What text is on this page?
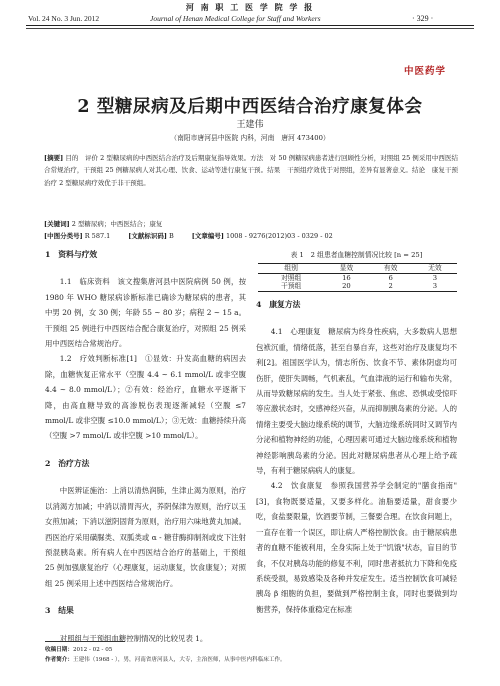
河 南 职 工 医 学 院 学 报
Vol. 24 No. 3 Jun. 2012	Journal of Henan Medical College for Staff and Workers	· 329 ·
中医药学
2 型糖尿病及后期中西医结合治疗康复体会
王建伟
（南阳市唐河县中医院 内科，河南　唐河 473400）

[摘要] 目的　评价 2 型糖尿病的中西医结合治疗及后期康复指导效果。方法　对 50 例糖尿病患者进行回顾性分析，对照组 25 例采用中西医结合常规治疗，干预组 25 例糖尿病人对其心理、饮食、运动等进行康复干预。结果　干预组疗效优于对照组，差异有显著意义。结论　康复干预治疗 2 型糖尿病疗效优于非干预组。

[关键词] 2 型糖尿病；中西医结合；康复
[中图分类号] R 587.1	[文献标识码] B	[文章编号] 1008 - 9276(2012)03 - 0329 - 02
1　资料与疗效

1.1　临床资料　该文搜集唐河县中医院病例 50 例，按 1980 年 WHO 糖尿病诊断标准已确诊为糖尿病的患者，其中男 20 例，女 30 例；年龄 55 ~ 80 岁；病程 2 ~ 15 a。干预组 25 例进行中西医结合配合康复治疗，对照组 25 例采用中西医结合常规治疗。

1.2　疗效判断标准[1]　①显效：升发高血糖的病因去除，血糖恢复正常水平（空腹 4.4 ~ 6.1 mmol/L 或非空腹 4.4 ~ 8.0 mmol/L）；②有效：经治疗，血糖水平逐渐下降，由高血糖导致的高渗脱伤表现逐渐减轻（空腹 ≤7 mmol/L 或非空腹 ≤10.0 mmol/L）；③无效：血糖持续升高（空腹 >7 mmol/L 或非空腹 >10 mmol/L）。

2　治疗方法

中医辨证施治：上消以清热润肺，生津止渴为原则，治疗以消渴方加减；中消以清胃泻火，养阴保津为原则，治疗以玉女煎加减；下消以滋阴固肾为原则，治疗用六味地黄丸加减。西医治疗采用磺脲类、双胍类或 α - 糖苷酶抑制剂或皮下注射预混胰岛素。所有病人在中西医结合治疗的基础上，干预组 25 例加强康复治疗（心理康复，运动康复，饮食康复）；对照组 25 例采用上述中西医结合常规治疗。

3　结果

对照组与干预组血糖控制情况的比较见表 1。

表 1　2 组患者血糖控制情况比较 [n = 25]
组别	显效	有效	无效
对照组	16	6	3
干预组	20	2	3
4　康复方法

4.1　心理康复　糖尿病为终身性疾病，大多数病人思想包袱沉重，情绪低落，甚至自暴自弃，这些对治疗及康复均不利[2]。祖国医学认为，情志所伤、饮食不节、素体阴虚均可伤肝，使肝失调畅，气机紊乱，气血津液的运行和输布失常，从而导致糖尿病的发生。当人处于紧张、焦虑、恐惧或受惊吓等应激状态时，交感神经兴奋，从而抑制胰岛素的分泌。人的情绪主要受大脑边缘系统的调节，大脑边缘系统同时又调节内分泌和植物神经的功能，心理因素可通过大脑边缘系统和植物神经影响胰岛素的分泌。因此对糖尿病患者从心理上给予疏导，有利于糖尿病病人的康复。

4.2　饮食康复　参照我国营养学会制定的"膳食指南"[3]，食物既要适量，又要多样化。油脂要适量，甜食要少吃，食盐要限量，饮酒要节制，三餐要合理。在饮食问题上，一直存在着一个误区，即让病人严格控制饮食。由于糖尿病患者的血糖不能被利用，全身实际上处于"饥饿"状态，盲目的节食，不仅对胰岛功能的修复不利，同时患者抵抗力下降和免疫系统受损，易致感染及各种并发症发生。适当控制饮食可减轻胰岛 β 细胞的负担，要做到严格控制主食，同时也要做到均衡营养，保持体重稳定在标准

收稿日期：2012 - 02 - 05

作者简介：王建伟（1968 - ），男，河南省唐河县人，大专，主治医师，从事中医内科临床工作。
